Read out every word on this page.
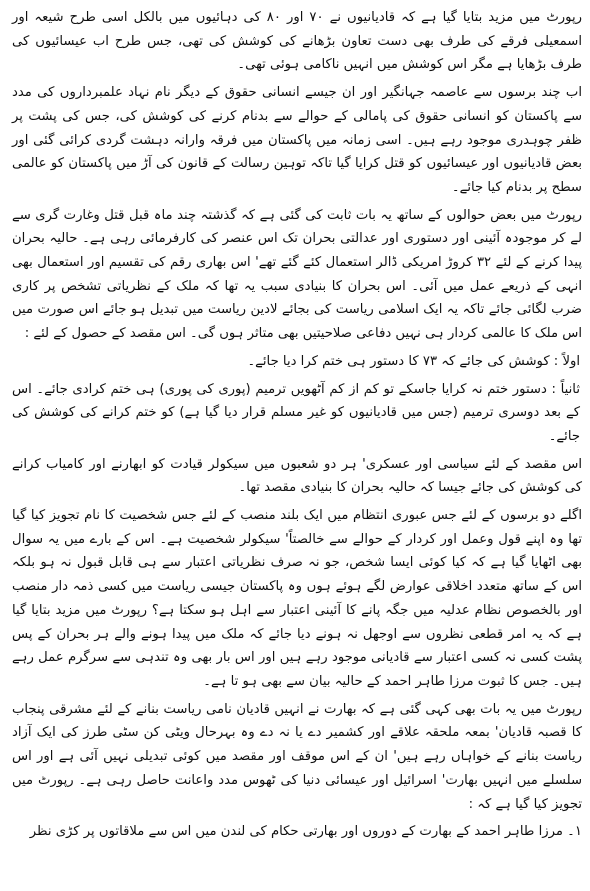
رپورٹ میں مزید بتایا گیا ہے کہ قادیانیوں نے ۷۰ اور ۸۰ کی دہائیوں میں بالکل اسی طرح شیعہ اور اسمعیلی فرقے کی طرف بھی دست تعاون بڑھانے کی کوشش کی تھی، جس طرح اب عیسائیوں کی طرف بڑھایا ہے مگر اس کوشش میں انہیں ناکامی ہوئی تھی۔

اب چند برسوں سے عاصمہ جہانگیر اور ان جیسے انسانی حقوق کے دیگر نام نہاد علمبرداروں کی مدد سے پاکستان کو انسانی حقوق کی پامالی کے حوالے سے بدنام کرنے کی کوشش کی، جس کی پشت پر ظفر چوہدری موجود رہے ہیں۔ اسی زمانہ میں پاکستان میں فرقہ وارانہ دہشت گردی کرائی گئی اور بعض قادیانیوں اور عیسائیوں کو قتل کرایا گیا تاکہ توہین رسالت کے قانون کی آڑ میں پاکستان کو عالمی سطح پر بدنام کیا جائے۔

رپورٹ میں بعض حوالوں کے ساتھ یہ بات ثابت کی گئی ہے کہ گذشتہ چند ماہ قبل قتل وغارت گری سے لے کر موجودہ آئینی اور دستوری اور عدالتی بحران تک اس عنصر کی کارفرمائی رہی ہے۔ حالیہ بحران پیدا کرنے کے لئے ۳۲ کروڑ امریکی ڈالر استعمال کئے گئے تھے' اس بھاری رقم کی تقسیم اور استعمال بھی انہی کے ذریعے عمل میں آئی۔ اس بحران کا بنیادی سبب یہ تھا کہ ملک کے نظریاتی تشخص پر کاری ضرب لگائی جائے تاکہ یہ ایک اسلامی ریاست کی بجائے لادین ریاست میں تبدیل ہو جائے اس صورت میں اس ملک کا عالمی کردار ہی نہیں دفاعی صلاحیتیں بھی متاثر ہوں گی۔ اس مقصد کے حصول کے لئے :

اولاً : کوشش کی جائے کہ ۷۳ کا دستور ہی ختم کرا دیا جائے۔

ثانیاً : دستور ختم نہ کرایا جاسکے تو کم از کم آٹھویں ترمیم (پوری کی پوری) ہی ختم کرادی جائے۔ اس کے بعد دوسری ترمیم (جس میں قادیانیوں کو غیر مسلم قرار دیا گیا ہے) کو ختم کرانے کی کوشش کی جائے۔

اس مقصد کے لئے سیاسی اور عسکری' ہر دو شعبوں میں سیکولر قیادت کو ابھارنے اور کامیاب کرانے کی کوشش کی جائے جیسا کہ حالیہ بحران کا بنیادی مقصد تھا۔

اگلے دو برسوں کے لئے جس عبوری انتظام میں ایک بلند منصب کے لئے جس شخصیت کا نام تجویز کیا گیا تھا وہ اپنے قول وعمل اور کردار کے حوالے سے خالصتاً' سیکولر شخصیت ہے۔ اس کے بارے میں یہ سوال بھی اٹھایا گیا ہے کہ کیا کوئی ایسا شخص، جو نہ صرف نظریاتی اعتبار سے ہی قابل قبول نہ ہو بلکہ اس کے ساتھ متعدد اخلاقی عوارض لگے ہوئے ہوں وہ پاکستان جیسی ریاست میں کسی ذمہ دار منصب اور بالخصوص نظام عدلیہ میں جگہ پانے کا آئینی اعتبار سے اہل ہو سکتا ہے؟ رپورٹ میں مزید بتایا گیا ہے کہ یہ امر قطعی نظروں سے اوجھل نہ ہونے دیا جائے کہ ملک میں پیدا ہونے والے ہر بحران کے پس پشت کسی نہ کسی اعتبار سے قادیانی موجود رہے ہیں اور اس بار بھی وہ تندہی سے سرگرم عمل رہے ہیں۔ جس کا ثبوت مرزا طاہر احمد کے حالیہ بیان سے بھی ہو تا ہے۔

رپورٹ میں یہ بات بھی کہی گئی ہے کہ بھارت نے انہیں قادیان نامی ریاست بنانے کے لئے مشرقی پنجاب کا قصبہ قادیان' بمعہ ملحقہ علاقے اور کشمیر دے یا نہ دے وہ بہرحال ویٹی کن سٹی طرز کی ایک آزاد ریاست بنانے کے خواہاں رہے ہیں' ان کے اس موقف اور مقصد میں کوئی تبدیلی نہیں آئی ہے اور اس سلسلے میں انہیں بھارت' اسرائیل اور عیسائی دنیا کی ٹھوس مدد واعانت حاصل رہی ہے۔ رپورٹ میں تجویز کیا گیا ہے کہ :

۱۔ مرزا طاہر احمد کے بھارت کے دوروں اور بھارتی حکام کی لندن میں اس سے ملاقاتوں پر کڑی نظر
